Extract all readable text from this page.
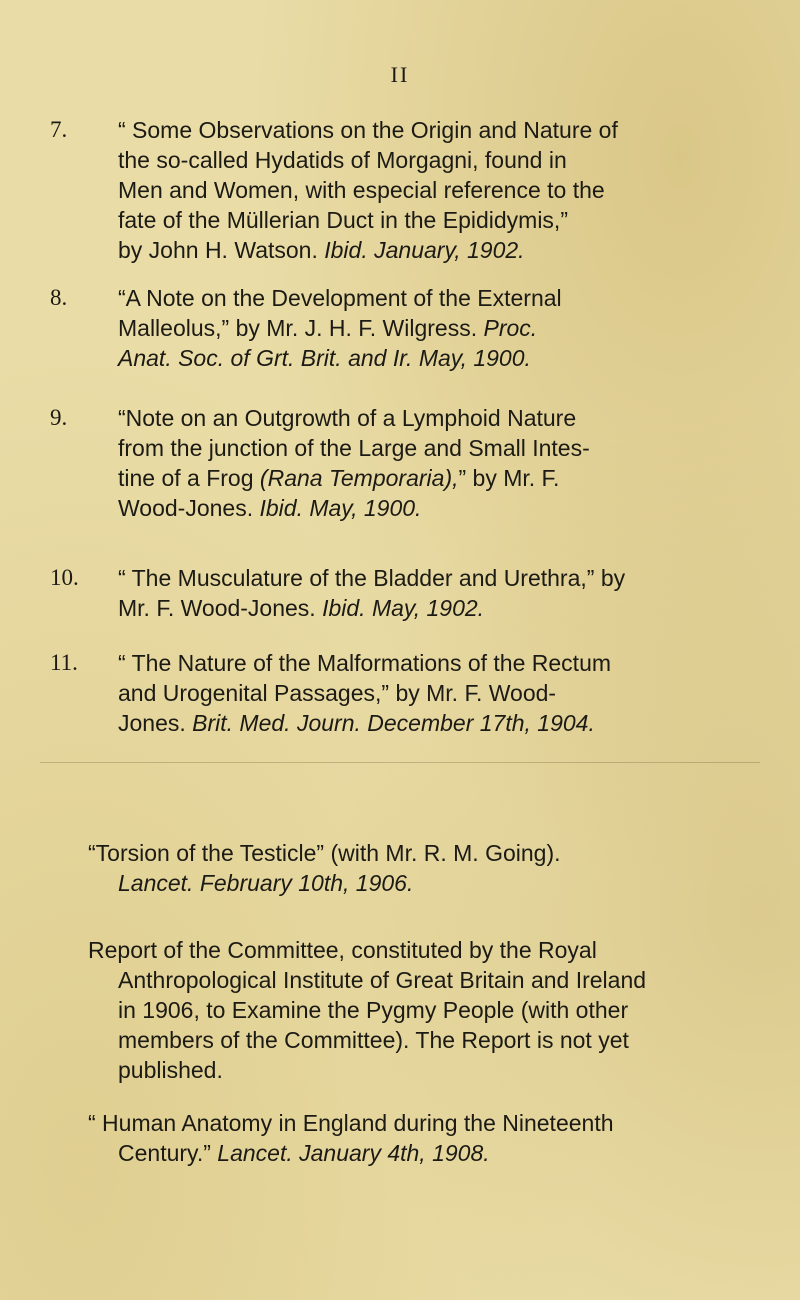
II
7.	“ Some Observations on the Origin and Nature of
the so-called Hydatids of Morgagni, found in
Men and Women, with especial reference to the
fate of the Müllerian Duct in the Epididymis,”
by John H. Watson. Ibid. January, 1902.
8.	“A Note on the Development of the External
Malleolus,” by Mr. J. H. F. Wilgress. Proc.
Anat. Soc. of Grt. Brit. and Ir. May, 1900.
9.	“Note on an Outgrowth of a Lymphoid Nature
from the junction of the Large and Small Intes-
tine of a Frog (Rana Temporaria),” by Mr. F.
Wood-Jones. Ibid. May, 1900.
10.	“ The Musculature of the Bladder and Urethra,” by
Mr. F. Wood-Jones. Ibid. May, 1902.
11.	“ The Nature of the Malformations of the Rectum
and Urogenital Passages,” by Mr. F. Wood-
Jones. Brit. Med. Journ. December 17th, 1904.
“Torsion of the Testicle” (with Mr. R. M. Going).
Lancet. February 10th, 1906.
Report of the Committee, constituted by the Royal
Anthropological Institute of Great Britain and Ireland
in 1906, to Examine the Pygmy People (with other
members of the Committee). The Report is not yet
published.
“ Human Anatomy in England during the Nineteenth
Century.” Lancet. January 4th, 1908.
